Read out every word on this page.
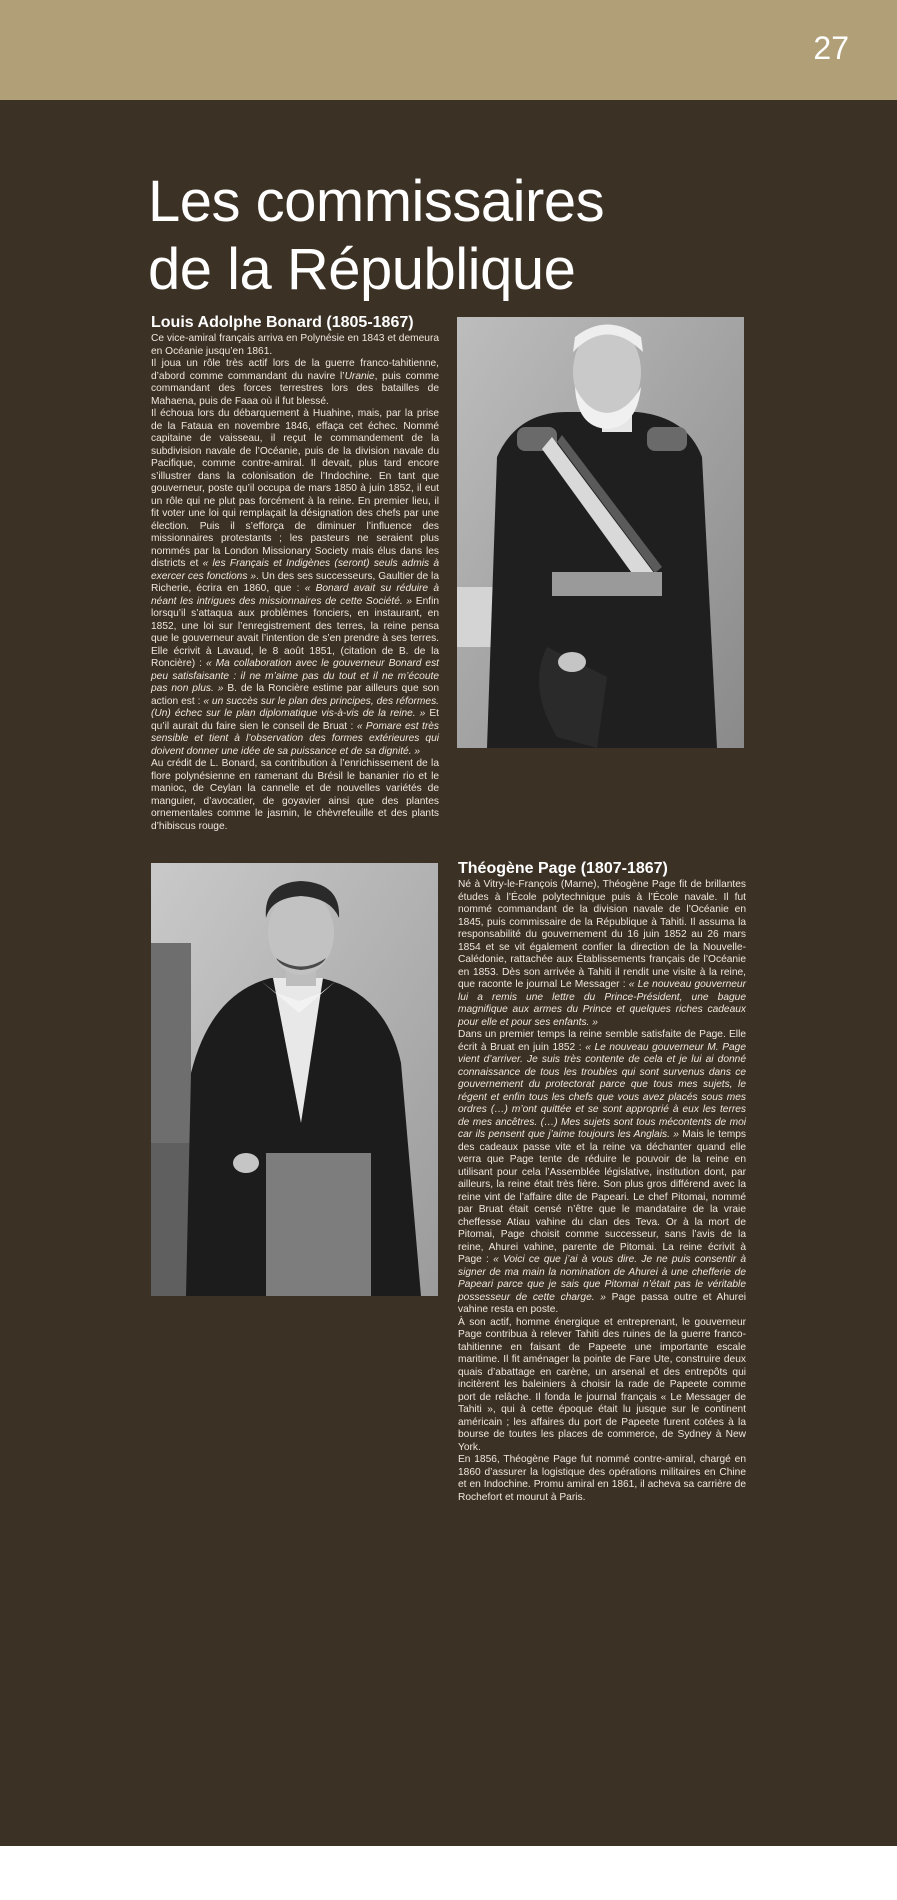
27
Les commissaires
de la République
Louis Adolphe Bonard (1805-1867)

Ce vice-amiral français arriva en Polynésie en 1843 et demeura en Océanie jusqu’en 1861.

Il joua un rôle très actif lors de la guerre franco-tahitienne, d’abord comme commandant du navire l’Uranie, puis comme commandant des forces terrestres lors des batailles de Mahaena, puis de Faaa où il fut blessé.

Il échoua lors du débarquement à Huahine, mais, par la prise de la Fataua en novembre 1846, effaça cet échec. Nommé capitaine de vaisseau, il reçut le commandement de la subdivision navale de l’Océanie, puis de la division navale du Pacifique, comme contre-amiral. Il devait, plus tard encore s’illustrer dans la colonisation de l’Indochine. En tant que gouverneur, poste qu’il occupa de mars 1850 à juin 1852, il eut un rôle qui ne plut pas forcément à la reine. En premier lieu, il fit voter une loi qui remplaçait la désignation des chefs par une élection. Puis il s’efforça de diminuer l’influence des missionnaires protestants ; les pasteurs ne seraient plus nommés par la London Missionary Society mais élus dans les districts et « les Français et Indigènes (seront) seuls admis à exercer ces fonctions ». Un des ses successeurs, Gaultier de la Richerie, écrira en 1860, que : « Bonard avait su réduire à néant les intrigues des missionnaires de cette Société. » Enfin lorsqu’il s’attaqua aux problèmes fonciers, en instaurant, en 1852, une loi sur l’enregistrement des terres, la reine pensa que le gouverneur avait l’intention de s’en prendre à ses terres. Elle écrivit à Lavaud, le 8 août 1851, (citation de B. de la Roncière) : « Ma collaboration avec le gouverneur Bonard est peu satisfaisante : il ne m’aime pas du tout et il ne m’écoute pas non plus. » B. de la Roncière estime par ailleurs que son action est : « un succès sur le plan des principes, des réformes. (Un) échec sur le plan diplomatique vis-à-vis de la reine. » Et qu’il aurait du faire sien le conseil de Bruat : « Pomare est très sensible et tient à l’observation des formes extérieures qui doivent donner une idée de sa puissance et de sa dignité. »

Au crédit de L. Bonard, sa contribution à l’enrichissement de la flore polynésienne en ramenant du Brésil le bananier rio et le manioc, de Ceylan la cannelle et de nouvelles variétés de manguier, d’avocatier, de goyavier ainsi que des plantes ornementales comme le jasmin, le chèvrefeuille et des plants d’hibiscus rouge.

Théogène Page (1807-1867)

Né à Vitry-le-François (Marne), Théogène Page fit de brillantes études à l’École polytechnique puis à l’École navale. Il fut nommé commandant de la division navale de l’Océanie en 1845, puis commissaire de la République à Tahiti. Il assuma la responsabilité du gouvernement du 16 juin 1852 au 26 mars 1854 et se vit également confier la direction de la Nouvelle-Calédonie, rattachée aux Établissements français de l’Océanie en 1853. Dès son arrivée à Tahiti il rendit une visite à la reine, que raconte le journal Le Messager : « Le nouveau gouverneur lui a remis une lettre du Prince-Président, une bague magnifique aux armes du Prince et quelques riches cadeaux pour elle et pour ses enfants. »

Dans un premier temps la reine semble satisfaite de Page. Elle écrit à Bruat en juin 1852 : « Le nouveau gouverneur M. Page vient d’arriver. Je suis très contente de cela et je lui ai donné connaissance de tous les troubles qui sont survenus dans ce gouvernement du protectorat parce que tous mes sujets, le régent et enfin tous les chefs que vous avez placés sous mes ordres (…) m’ont quittée et se sont approprié à eux les terres de mes ancêtres. (…) Mes sujets sont tous mécontents de moi car ils pensent que j’aime toujours les Anglais. » Mais le temps des cadeaux passe vite et la reine va déchanter quand elle verra que Page tente de réduire le pouvoir de la reine en utilisant pour cela l’Assemblée législative, institution dont, par ailleurs, la reine était très fière. Son plus gros différend avec la reine vint de l’affaire dite de Papeari. Le chef Pitomai, nommé par Bruat était censé n’être que le mandataire de la vraie cheffesse Atiau vahine du clan des Teva. Or à la mort de Pitomai, Page choisit comme successeur, sans l’avis de la reine, Ahurei vahine, parente de Pitomai. La reine écrivit à Page : « Voici ce que j’ai à vous dire. Je ne puis consentir à signer de ma main la nomination de Ahurei à une chefferie de Papeari parce que je sais que Pitomai n’était pas le véritable possesseur de cette charge. » Page passa outre et Ahurei vahine resta en poste.

À son actif, homme énergique et entreprenant, le gouverneur Page contribua à relever Tahiti des ruines de la guerre franco-tahitienne en faisant de Papeete une importante escale maritime. Il fit aménager la pointe de Fare Ute, construire deux quais d’abattage en carène, un arsenal et des entrepôts qui incitèrent les baleiniers à choisir la rade de Papeete comme port de relâche. Il fonda le journal français « Le Messager de Tahiti », qui à cette époque était lu jusque sur le continent américain ; les affaires du port de Papeete furent cotées à la bourse de toutes les places de commerce, de Sydney à New York.

En 1856, Théogène Page fut nommé contre-amiral, chargé en 1860 d’assurer la logistique des opérations militaires en Chine et en Indochine. Promu amiral en 1861, il acheva sa carrière de Rochefort et mourut à Paris.
